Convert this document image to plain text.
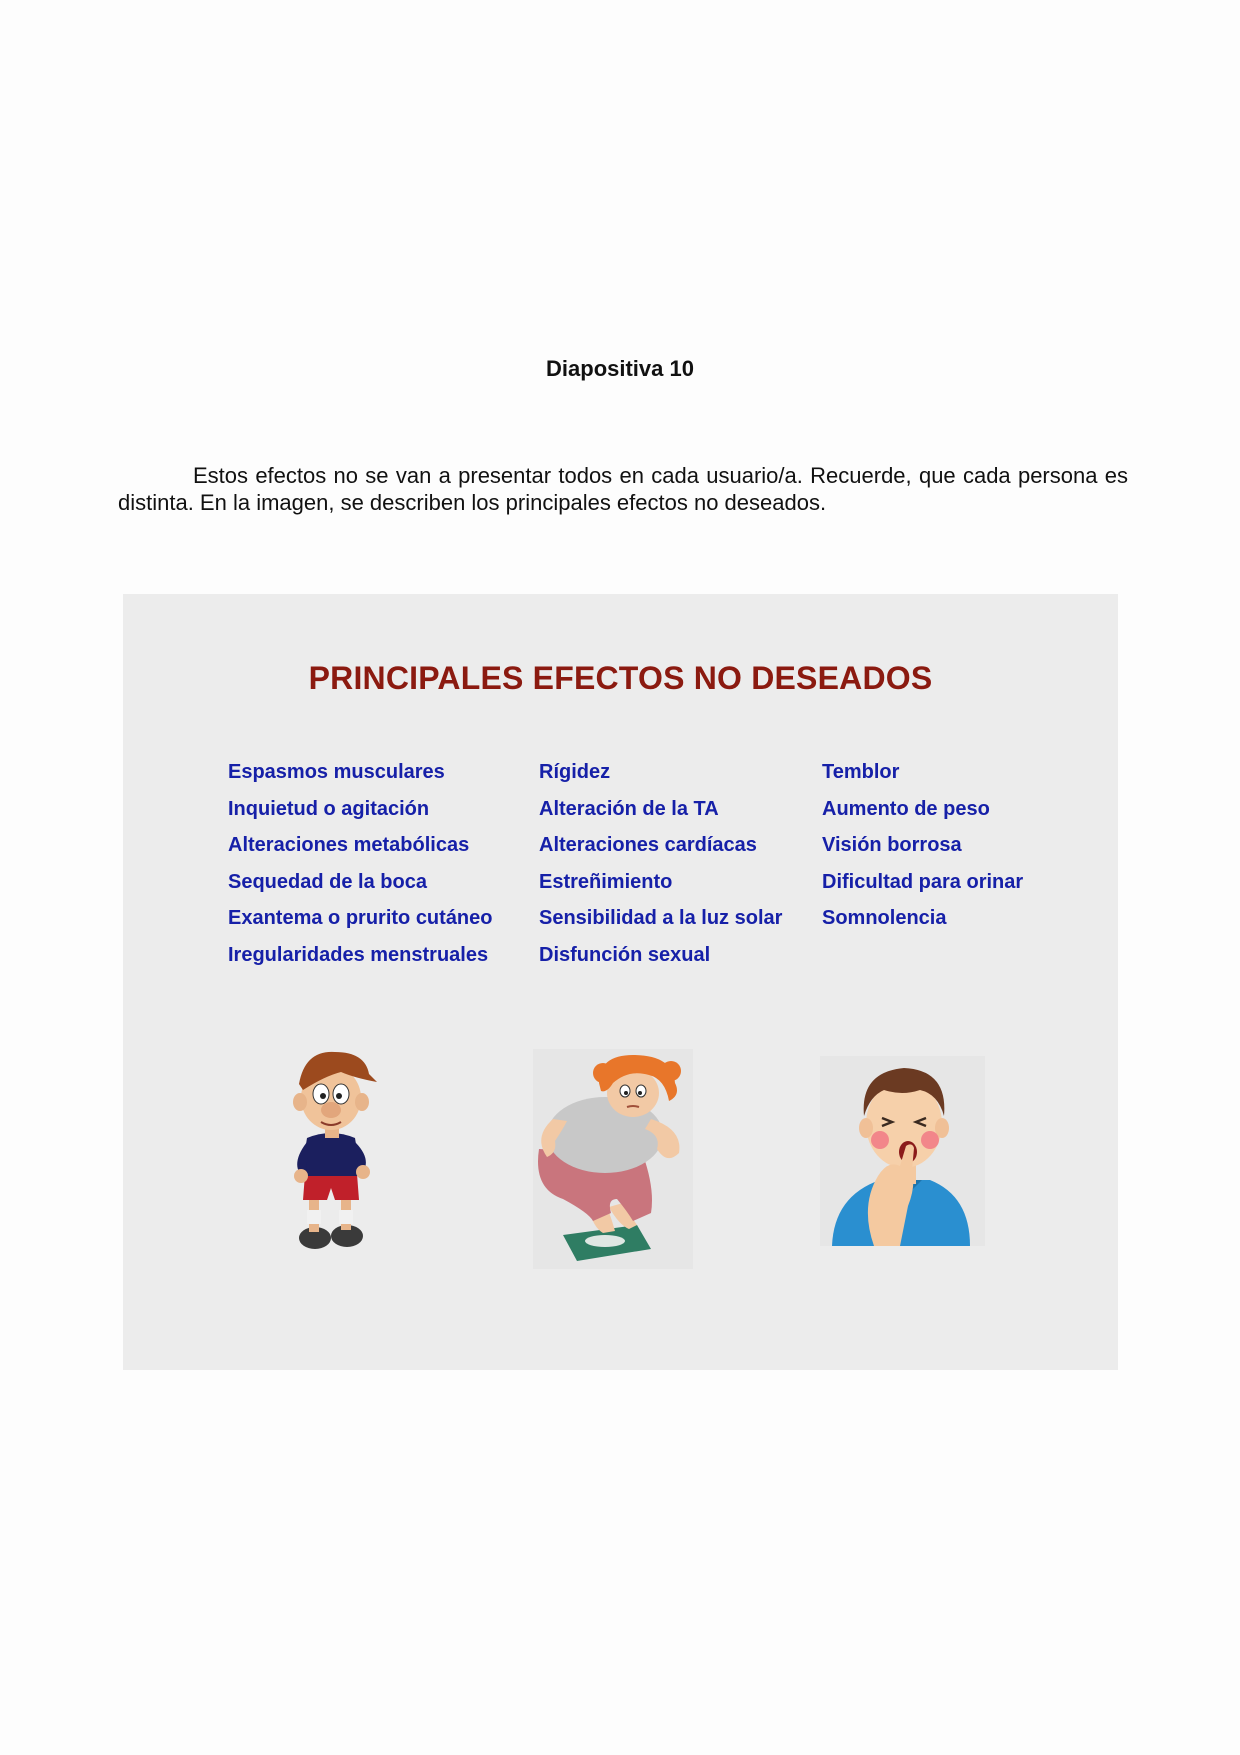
Diapositiva 10

Estos efectos no se van a presentar todos en cada usuario/a. Recuerde, que cada persona es distinta. En la imagen, se describen los principales efectos no deseados.

PRINCIPALES EFECTOS NO DESEADOS
Espasmos musculares
Inquietud o agitación
Alteraciones metabólicas
Sequedad de la boca
Exantema o prurito cutáneo
Iregularidades menstruales
Rígidez
Alteración de la TA
Alteraciones cardíacas
Estreñimiento
Sensibilidad a la luz solar
Disfunción sexual
Temblor
Aumento de peso
Visión borrosa
Dificultad para orinar
Somnolencia
